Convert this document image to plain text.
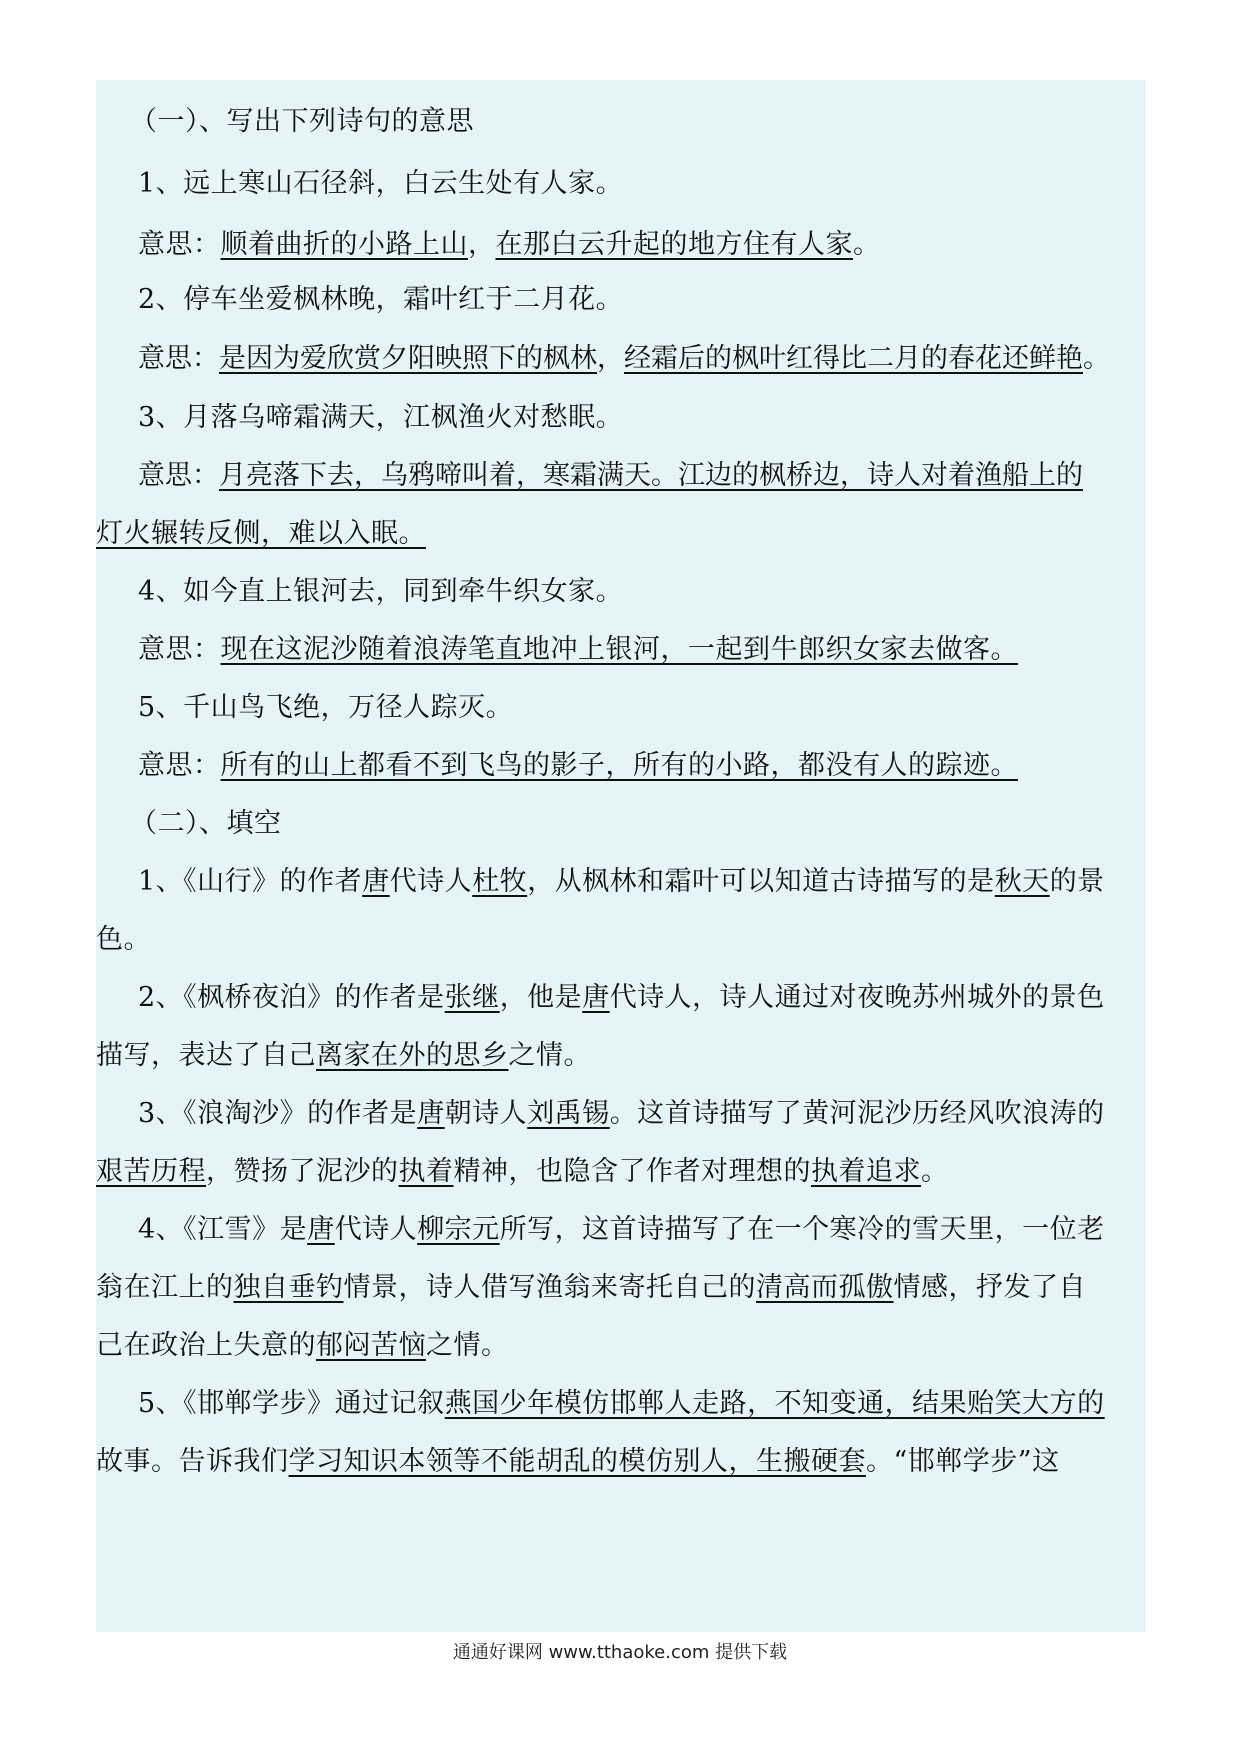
（一）、写出下列诗句的意思
1、远上寒山石径斜，白云生处有人家。
意思：顺着曲折的小路上山，在那白云升起的地方住有人家。
2、停车坐爱枫林晚，霜叶红于二月花。
意思：是因为爱欣赏夕阳映照下的枫林，经霜后的枫叶红得比二月的春花还鲜艳。
3、月落乌啼霜满天，江枫渔火对愁眠。
意思：月亮落下去，乌鸦啼叫着，寒霜满天。江边的枫桥边，诗人对着渔船上的
灯火辗转反侧，难以入眠。
4、如今直上银河去，同到牵牛织女家。
意思：现在这泥沙随着浪涛笔直地冲上银河，一起到牛郎织女家去做客。
5、千山鸟飞绝，万径人踪灭。
意思：所有的山上都看不到飞鸟的影子，所有的小路，都没有人的踪迹。
（二）、填空
1、《山行》的作者唐代诗人杜牧，从枫林和霜叶可以知道古诗描写的是秋天的景
色。
2、《枫桥夜泊》的作者是张继，他是唐代诗人，诗人通过对夜晚苏州城外的景色
描写，表达了自己离家在外的思乡之情。
3、《浪淘沙》的作者是唐朝诗人刘禹锡。这首诗描写了黄河泥沙历经风吹浪涛的
艰苦历程，赞扬了泥沙的执着精神，也隐含了作者对理想的执着追求。
4、《江雪》是唐代诗人柳宗元所写，这首诗描写了在一个寒冷的雪天里，一位老
翁在江上的独自垂钓情景，诗人借写渔翁来寄托自己的清高而孤傲情感，抒发了自
己在政治上失意的郁闷苦恼之情。
5、《邯郸学步》通过记叙燕国少年模仿邯郸人走路，不知变通，结果贻笑大方的
故事。告诉我们学习知识本领等不能胡乱的模仿别人，生搬硬套。“邯郸学步”这
通通好课网 www.tthaoke.com 提供下载
